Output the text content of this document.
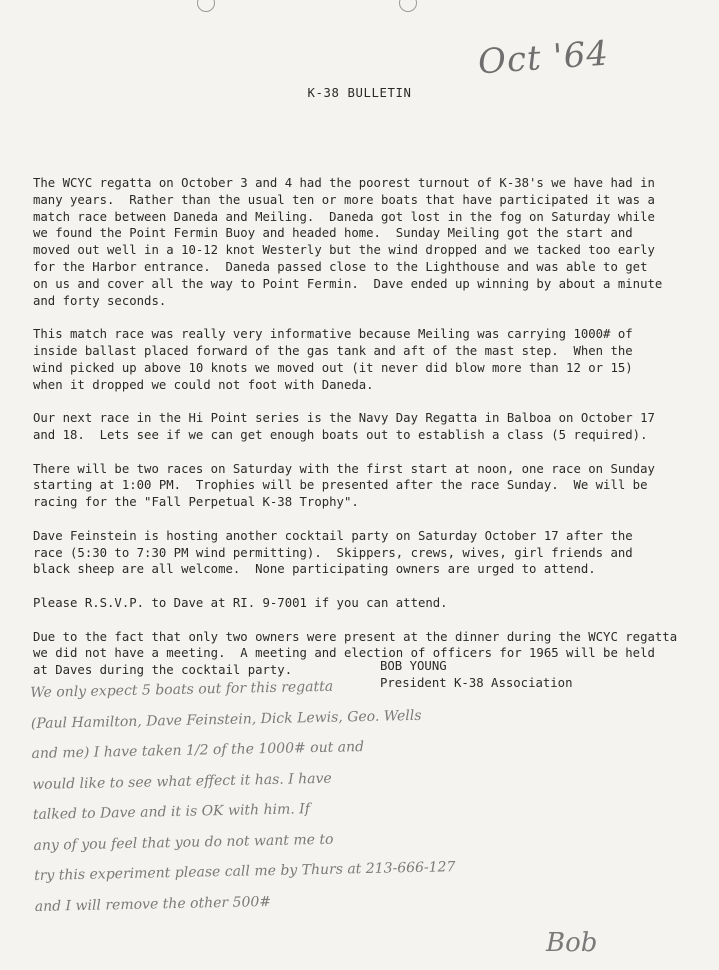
Oct '64
K-38 BULLETIN

The WCYC regatta on October 3 and 4 had the poorest turnout of K-38's we have had in
many years.  Rather than the usual ten or more boats that have participated it was a
match race between Daneda and Meiling.  Daneda got lost in the fog on Saturday while
we found the Point Fermin Buoy and headed home.  Sunday Meiling got the start and
moved out well in a 10-12 knot Westerly but the wind dropped and we tacked too early
for the Harbor entrance.  Daneda passed close to the Lighthouse and was able to get
on us and cover all the way to Point Fermin.  Dave ended up winning by about a minute
and forty seconds.

This match race was really very informative because Meiling was carrying 1000# of
inside ballast placed forward of the gas tank and aft of the mast step.  When the
wind picked up above 10 knots we moved out (it never did blow more than 12 or 15)
when it dropped we could not foot with Daneda.

Our next race in the Hi Point series is the Navy Day Regatta in Balboa on October 17
and 18.  Lets see if we can get enough boats out to establish a class (5 required).

There will be two races on Saturday with the first start at noon, one race on Sunday
starting at 1:00 PM.  Trophies will be presented after the race Sunday.  We will be
racing for the "Fall Perpetual K-38 Trophy".

Dave Feinstein is hosting another cocktail party on Saturday October 17 after the
race (5:30 to 7:30 PM wind permitting).  Skippers, crews, wives, girl friends and
black sheep are all welcome.  None participating owners are urged to attend.

Please R.S.V.P. to Dave at RI. 9-7001 if you can attend.

Due to the fact that only two owners were present at the dinner during the WCYC regatta
we did not have a meeting.  A meeting and election of officers for 1965 will be held
at Daves during the cocktail party.	BOB YOUNG
President K-38 Association
We only expect 5 boats out for this regatta
(Paul Hamilton, Dave Feinstein, Dick Lewis, Geo. Wells
and me) I have taken 1/2 of the 1000# out and
would like to see what effect it has. I have
talked to Dave and it is OK with him. If
any of you feel that you do not want me to
try this experiment please call me by Thurs at 213-666-127
and I will remove the other 500#
Bob
